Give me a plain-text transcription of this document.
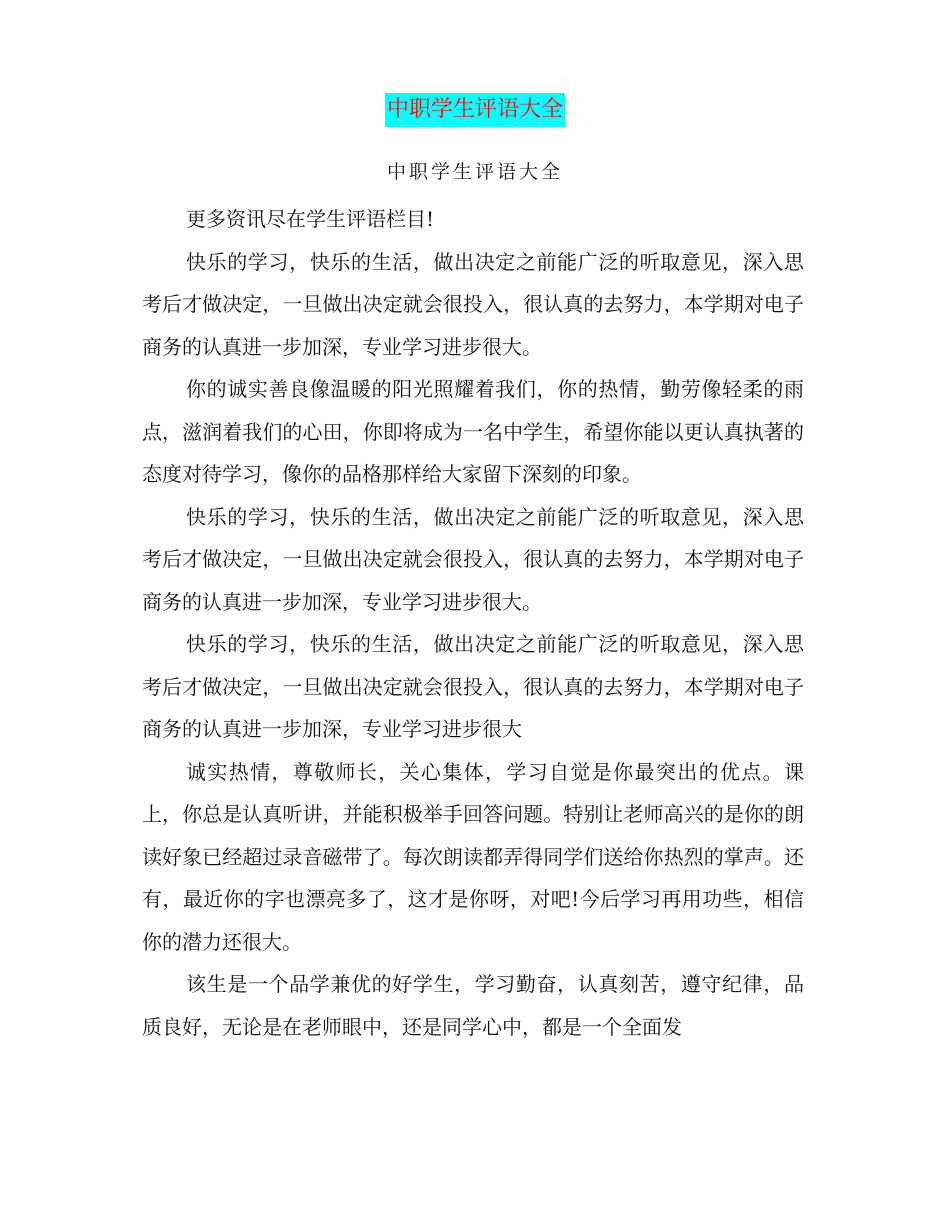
中职学生评语大全
中职学生评语大全

更多资讯尽在学生评语栏目!

快乐的学习，快乐的生活，做出决定之前能广泛的听取意见，深入思考后才做决定，一旦做出决定就会很投入，很认真的去努力，本学期对电子商务的认真进一步加深，专业学习进步很大。

你的诚实善良像温暖的阳光照耀着我们，你的热情，勤劳像轻柔的雨点，滋润着我们的心田，你即将成为一名中学生，希望你能以更认真执著的态度对待学习，像你的品格那样给大家留下深刻的印象。

快乐的学习，快乐的生活，做出决定之前能广泛的听取意见，深入思考后才做决定，一旦做出决定就会很投入，很认真的去努力，本学期对电子商务的认真进一步加深，专业学习进步很大。

快乐的学习，快乐的生活，做出决定之前能广泛的听取意见，深入思考后才做决定，一旦做出决定就会很投入，很认真的去努力，本学期对电子商务的认真进一步加深，专业学习进步很大

诚实热情，尊敬师长，关心集体，学习自觉是你最突出的优点。课上，你总是认真听讲，并能积极举手回答问题。特别让老师高兴的是你的朗读好象已经超过录音磁带了。每次朗读都弄得同学们送给你热烈的掌声。还有，最近你的字也漂亮多了，这才是你呀，对吧!今后学习再用功些，相信你的潜力还很大。

该生是一个品学兼优的好学生，学习勤奋，认真刻苦，遵守纪律，品质良好，无论是在老师眼中，还是同学心中，都是一个全面发
